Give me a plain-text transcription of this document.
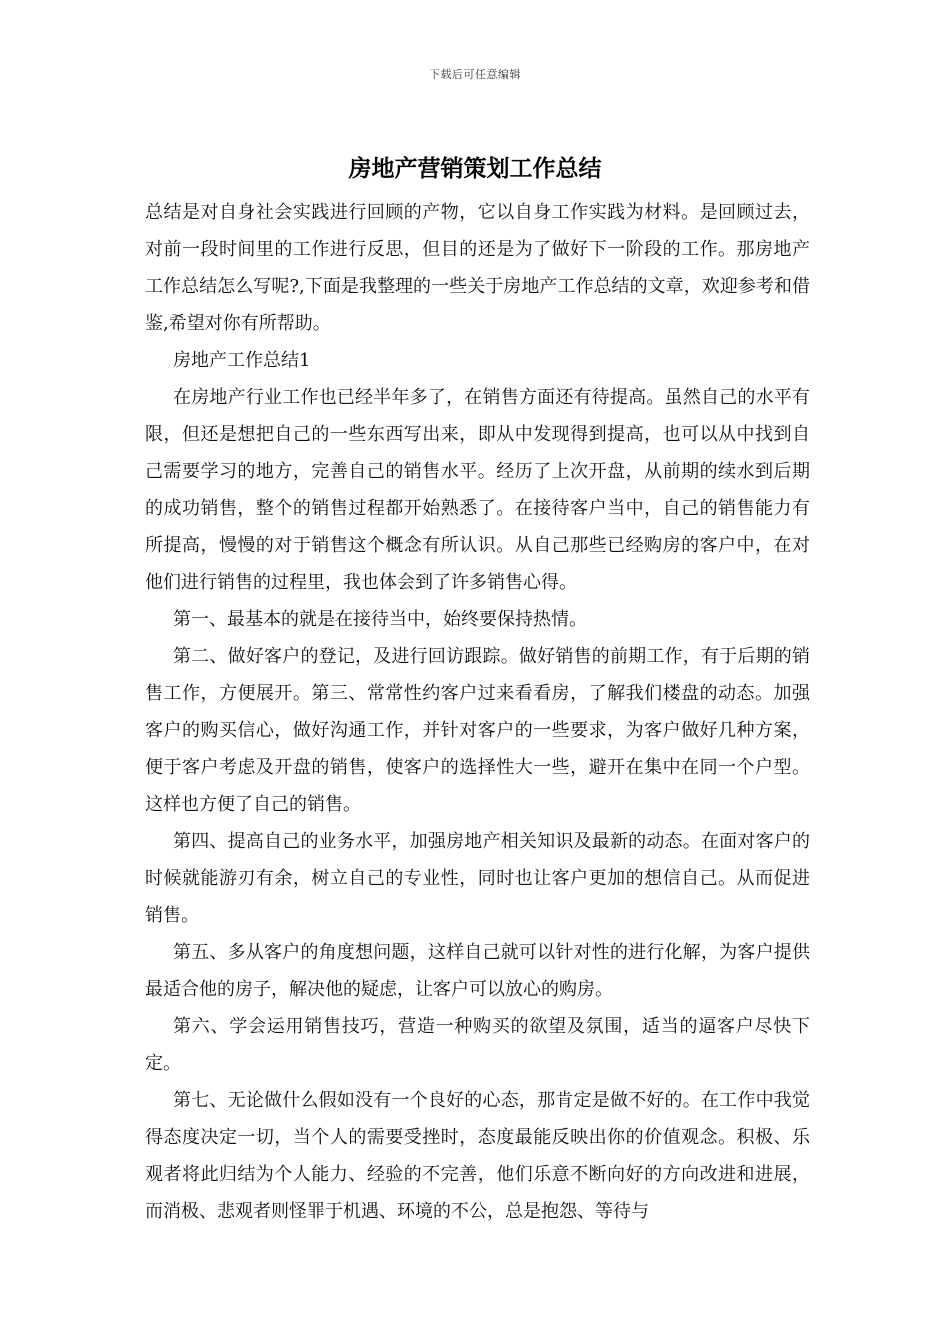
下载后可任意编辑
房地产营销策划工作总结

总结是对自身社会实践进行回顾的产物，它以自身工作实践为材料。是回顾过去，对前一段时间里的工作进行反思，但目的还是为了做好下一阶段的工作。那房地产工作总结怎么写呢?,下面是我整理的一些关于房地产工作总结的文章，欢迎参考和借鉴,希望对你有所帮助。

房地产工作总结1

在房地产行业工作也已经半年多了，在销售方面还有待提高。虽然自己的水平有限，但还是想把自己的一些东西写出来，即从中发现得到提高，也可以从中找到自己需要学习的地方，完善自己的销售水平。经历了上次开盘，从前期的续水到后期的成功销售，整个的销售过程都开始熟悉了。在接待客户当中，自己的销售能力有所提高，慢慢的对于销售这个概念有所认识。从自己那些已经购房的客户中，在对他们进行销售的过程里，我也体会到了许多销售心得。

第一、最基本的就是在接待当中，始终要保持热情。

第二、做好客户的登记，及进行回访跟踪。做好销售的前期工作，有于后期的销售工作，方便展开。第三、常常性约客户过来看看房，了解我们楼盘的动态。加强客户的购买信心，做好沟通工作，并针对客户的一些要求，为客户做好几种方案，便于客户考虑及开盘的销售，使客户的选择性大一些，避开在集中在同一个户型。这样也方便了自己的销售。

第四、提高自己的业务水平，加强房地产相关知识及最新的动态。在面对客户的时候就能游刃有余，树立自己的专业性，同时也让客户更加的想信自己。从而促进销售。

第五、多从客户的角度想问题，这样自己就可以针对性的进行化解，为客户提供最适合他的房子，解决他的疑虑，让客户可以放心的购房。

第六、学会运用销售技巧，营造一种购买的欲望及氛围，适当的逼客户尽快下定。

第七、无论做什么假如没有一个良好的心态，那肯定是做不好的。在工作中我觉得态度决定一切，当个人的需要受挫时，态度最能反映出你的价值观念。积极、乐观者将此归结为个人能力、经验的不完善，他们乐意不断向好的方向改进和进展，而消极、悲观者则怪罪于机遇、环境的不公，总是抱怨、等待与
